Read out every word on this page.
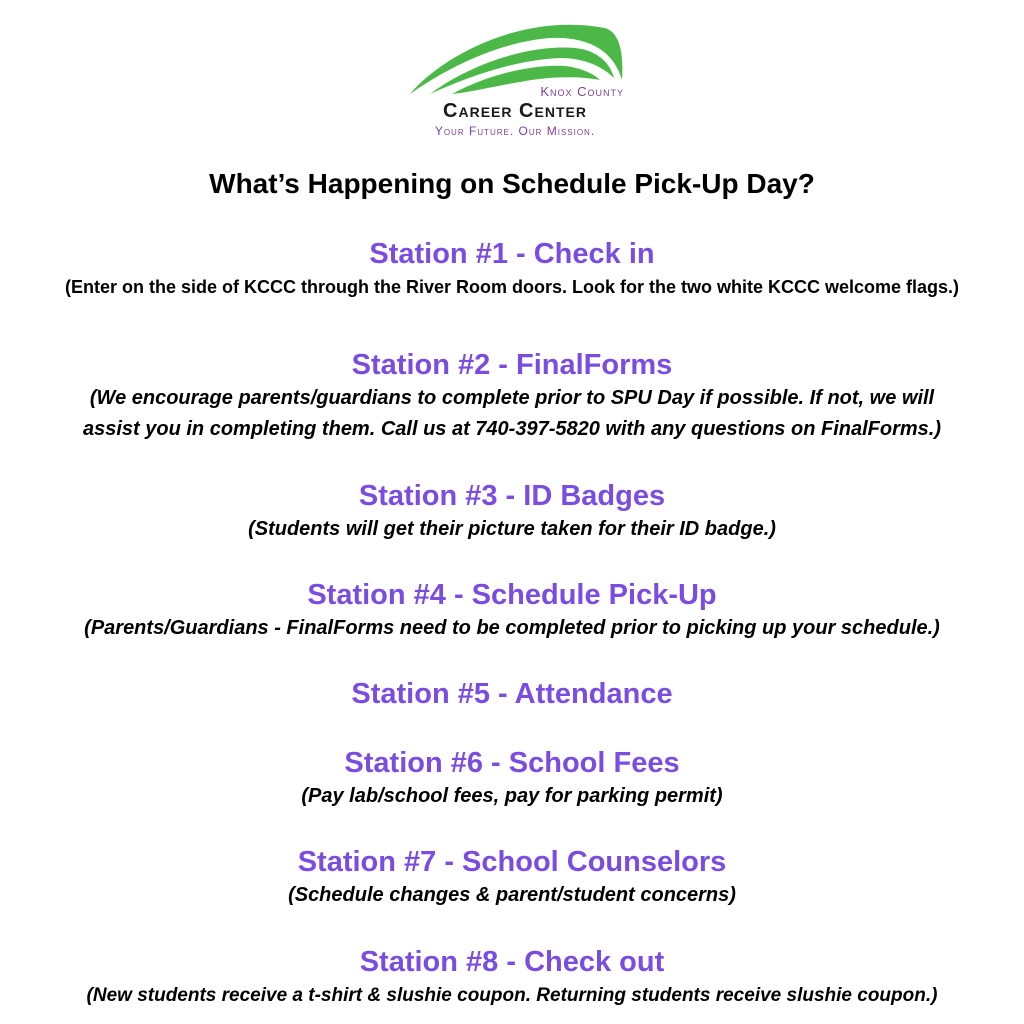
Knox County
Career Center
Your Future. Our Mission.
What’s Happening on Schedule Pick-Up Day?
Station #1 - Check in
(Enter on the side of KCCC through the River Room doors. Look for the two white KCCC welcome flags.)
Station #2 - FinalForms
(We encourage parents/guardians to complete prior to SPU Day if possible. If not, we will
assist you in completing them. Call us at 740-397-5820 with any questions on FinalForms.)
Station #3 - ID Badges
(Students will get their picture taken for their ID badge.)
Station #4 - Schedule Pick-Up
(Parents/Guardians - FinalForms need to be completed prior to picking up your schedule.)
Station #5 - Attendance
Station #6 - School Fees
(Pay lab/school fees, pay for parking permit)
Station #7 - School Counselors
(Schedule changes & parent/student concerns)
Station #8 - Check out
(New students receive a t-shirt & slushie coupon. Returning students receive slushie coupon.)
